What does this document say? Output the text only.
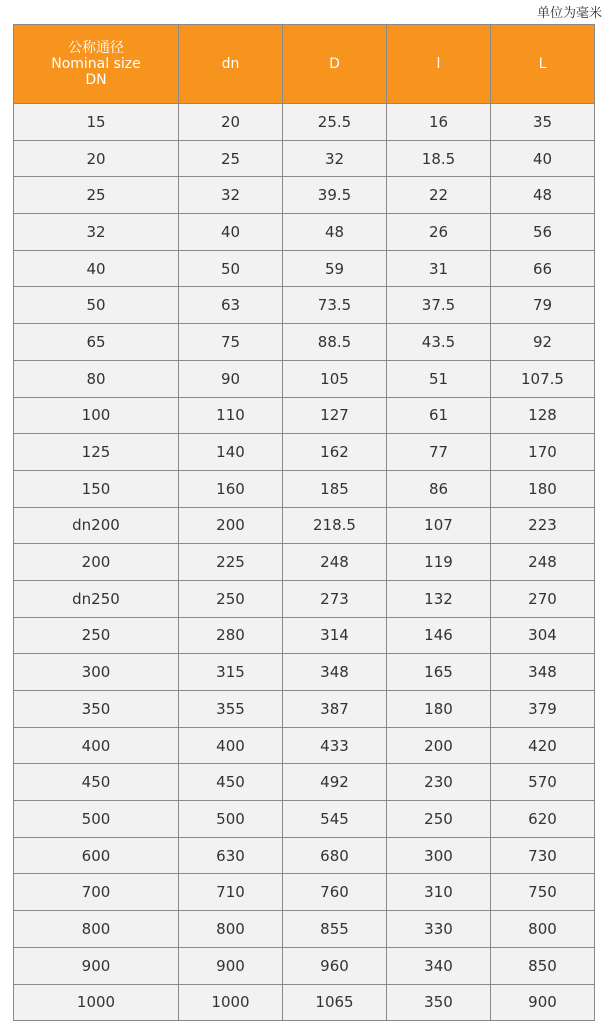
单位为毫米
公称通径
Nominal size
DN	dn	D	l	L
15	20	25.5	16	35
20	25	32	18.5	40
25	32	39.5	22	48
32	40	48	26	56
40	50	59	31	66
50	63	73.5	37.5	79
65	75	88.5	43.5	92
80	90	105	51	107.5
100	110	127	61	128
125	140	162	77	170
150	160	185	86	180
dn200	200	218.5	107	223
200	225	248	119	248
dn250	250	273	132	270
250	280	314	146	304
300	315	348	165	348
350	355	387	180	379
400	400	433	200	420
450	450	492	230	570
500	500	545	250	620
600	630	680	300	730
700	710	760	310	750
800	800	855	330	800
900	900	960	340	850
1000	1000	1065	350	900
